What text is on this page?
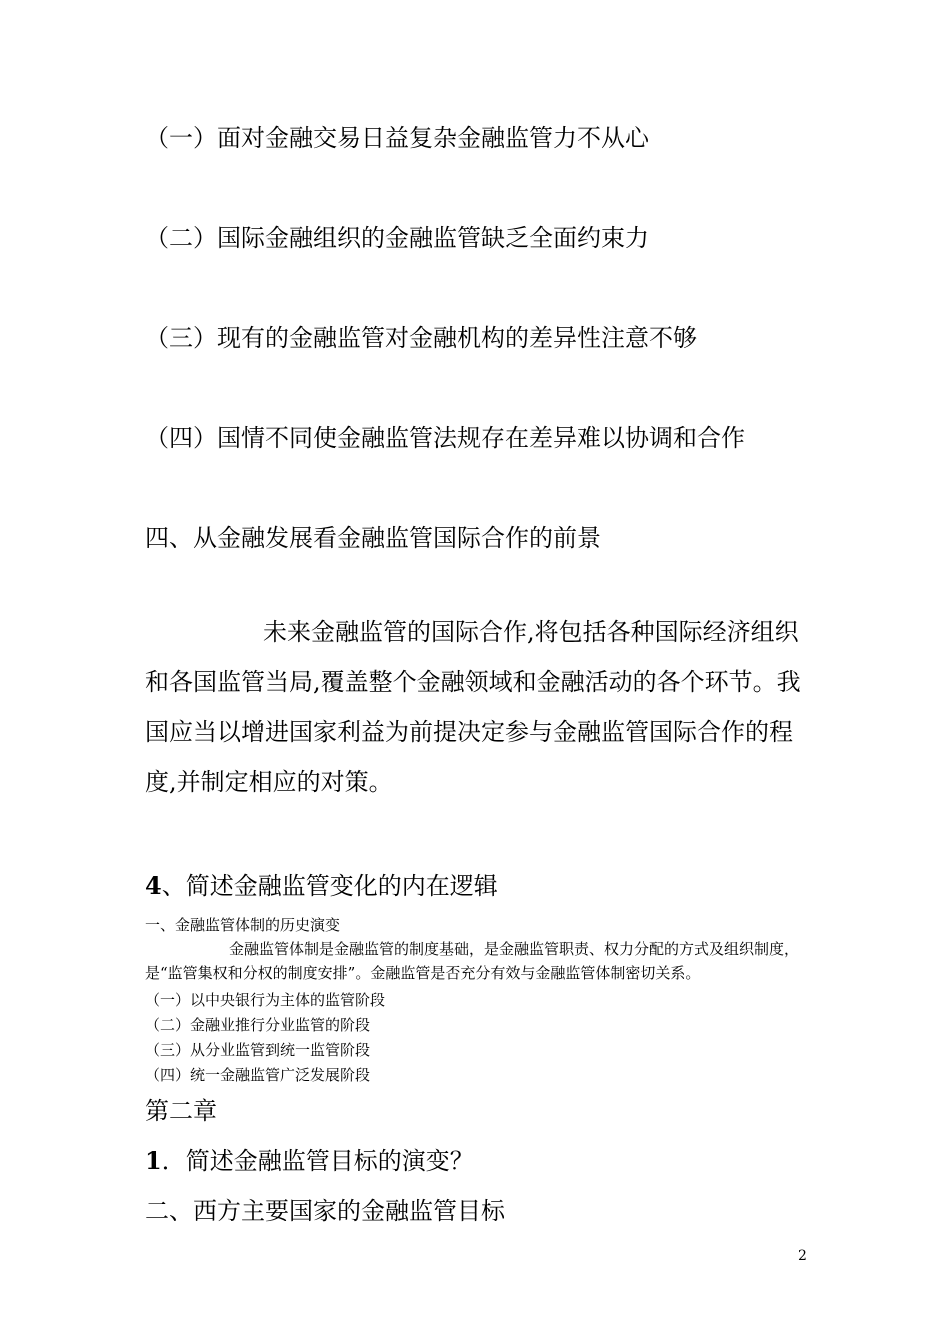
（一）面对金融交易日益复杂金融监管力不从心
（二）国际金融组织的金融监管缺乏全面约束力
（三）现有的金融监管对金融机构的差异性注意不够
（四）国情不同使金融监管法规存在差异难以协调和合作
四、从金融发展看金融监管国际合作的前景
未来金融监管的国际合作,将包括各种国际经济组织和各国监管当局,覆盖整个金融领域和金融活动的各个环节。我国应当以增进国家利益为前提决定参与金融监管国际合作的程度,并制定相应的对策。
4、简述金融监管变化的内在逻辑
一、金融监管体制的历史演变
金融监管体制是金融监管的制度基础，是金融监管职责、权力分配的方式及组织制度，是“监管集权和分权的制度安排”。金融监管是否充分有效与金融监管体制密切关系。
（一）以中央银行为主体的监管阶段
（二）金融业推行分业监管的阶段
（三）从分业监管到统一监管阶段
（四）统一金融监管广泛发展阶段
第二章
1．简述金融监管目标的演变？
二、西方主要国家的金融监管目标
2
